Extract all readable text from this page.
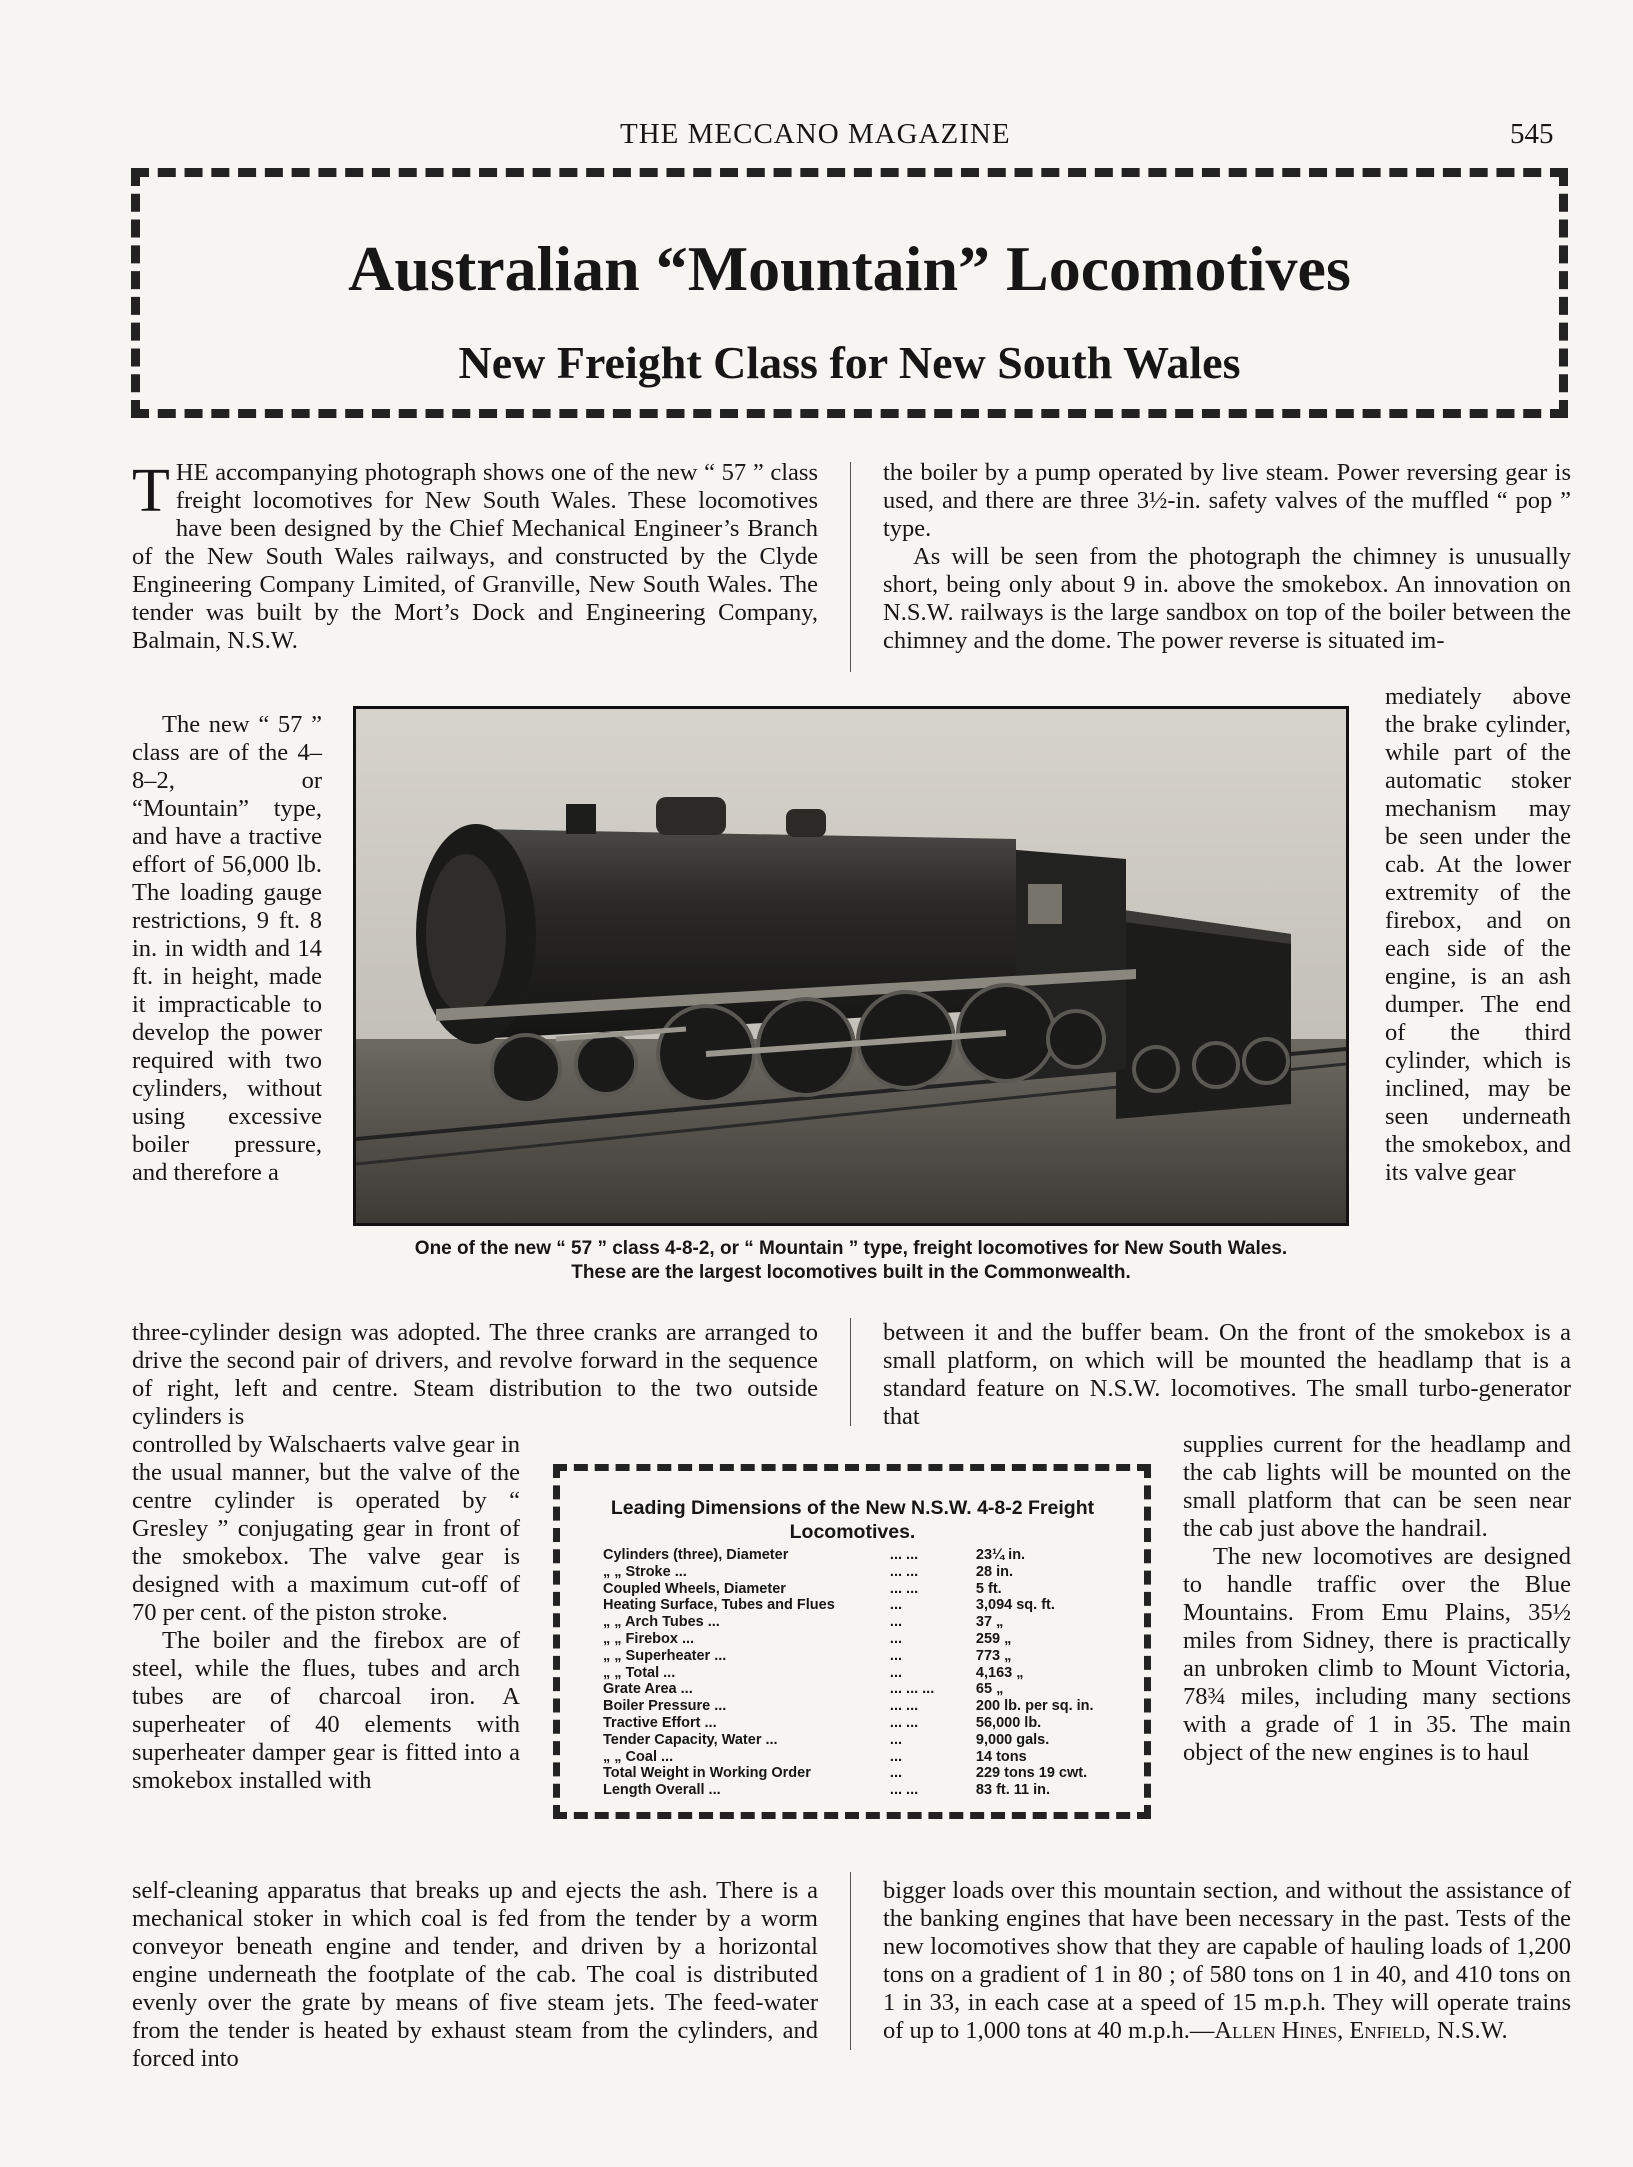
THE MECCANO MAGAZINE	545
Australian “Mountain” Locomotives
New Freight Class for New South Wales

THE accompanying photograph shows one of the new “ 57 ” class freight locomotives for New South Wales. These locomotives have been designed by the Chief Mechanical Engineer’s Branch of the New South Wales railways, and constructed by the Clyde Engineering Company Limited, of Granville, New South Wales. The tender was built by the Mort’s Dock and Engineering Company, Balmain, N.S.W.

The new “ 57 ” class are of the 4–8–2, or “Mountain” type, and have a tractive effort of 56,000 lb. The loading gauge restrictions, 9 ft. 8 in. in width and 14 ft. in height, made it impracticable to develop the power required with two cylinders, without using excessive boiler pressure, and therefore a

three-cylinder design was adopted. The three cranks are arranged to drive the second pair of drivers, and revolve forward in the sequence of right, left and centre. Steam distribution to the two outside cylinders is

controlled by Walschaerts valve gear in the usual manner, but the valve of the centre cylinder is operated by “ Gresley ” conjugating gear in front of the smokebox. The valve gear is designed with a maximum cut-off of 70 per cent. of the piston stroke.

The boiler and the firebox are of steel, while the flues, tubes and arch tubes are of charcoal iron. A superheater of 40 elements with superheater damper gear is fitted into a smokebox installed with

self-cleaning apparatus that breaks up and ejects the ash. There is a mechanical stoker in which coal is fed from the tender by a worm conveyor beneath engine and tender, and driven by a horizontal engine underneath the footplate of the cab. The coal is distributed evenly over the grate by means of five steam jets. The feed-water from the tender is heated by exhaust steam from the cylinders, and forced into

the boiler by a pump operated by live steam. Power reversing gear is used, and there are three 3½-in. safety valves of the muffled “ pop ” type.

As will be seen from the photograph the chimney is unusually short, being only about 9 in. above the smokebox. An innovation on N.S.W. railways is the large sandbox on top of the boiler between the chimney and the dome. The power reverse is situated im-

mediately above the brake cylinder, while part of the automatic stoker mechanism may be seen under the cab. At the lower extremity of the firebox, and on each side of the engine, is an ash dumper. The end of the third cylinder, which is inclined, may be seen underneath the smokebox, and its valve gear

between it and the buffer beam. On the front of the smokebox is a small platform, on which will be mounted the headlamp that is a standard feature on N.S.W. locomotives. The small turbo-generator that

supplies current for the headlamp and the cab lights will be mounted on the small platform that can be seen near the cab just above the handrail.

The new locomotives are designed to handle traffic over the Blue Mountains. From Emu Plains, 35½ miles from Sidney, there is practically an unbroken climb to Mount Victoria, 78¾ miles, including many sections with a grade of 1 in 35. The main object of the new engines is to haul

bigger loads over this mountain section, and without the assistance of the banking engines that have been necessary in the past. Tests of the new locomotives show that they are capable of hauling loads of 1,200 tons on a gradient of 1 in 80 ; of 580 tons on 1 in 40, and 410 tons on 1 in 33, in each case at a speed of 15 m.p.h. They will operate trains of up to 1,000 tons at 40 m.p.h.—Allen Hines, Enfield, N.S.W.

One of the new “ 57 ” class 4-8-2, or “ Mountain ” type, freight locomotives for New South Wales.
These are the largest locomotives built in the Commonwealth.
Leading Dimensions of the New N.S.W. 4-8-2 Freight Locomotives.
Cylinders (three), Diameter	... ...	23¼ in.
„ „ Stroke ...	... ...	28 in.
Coupled Wheels, Diameter	... ...	5 ft.
Heating Surface, Tubes and Flues	...	3,094 sq. ft.
„ „ Arch Tubes ...	...	37 „
„ „ Firebox ...	...	259 „
„ „ Superheater ...	...	773 „
„ „ Total ...	...	4,163 „
Grate Area ...	... ... ...	65 „
Boiler Pressure ...	... ...	200 lb. per sq. in.
Tractive Effort ...	... ...	56,000 lb.
Tender Capacity, Water ...	...	9,000 gals.
„ „ Coal ...	...	14 tons
Total Weight in Working Order	...	229 tons 19 cwt.
Length Overall ...	... ...	83 ft. 11 in.
